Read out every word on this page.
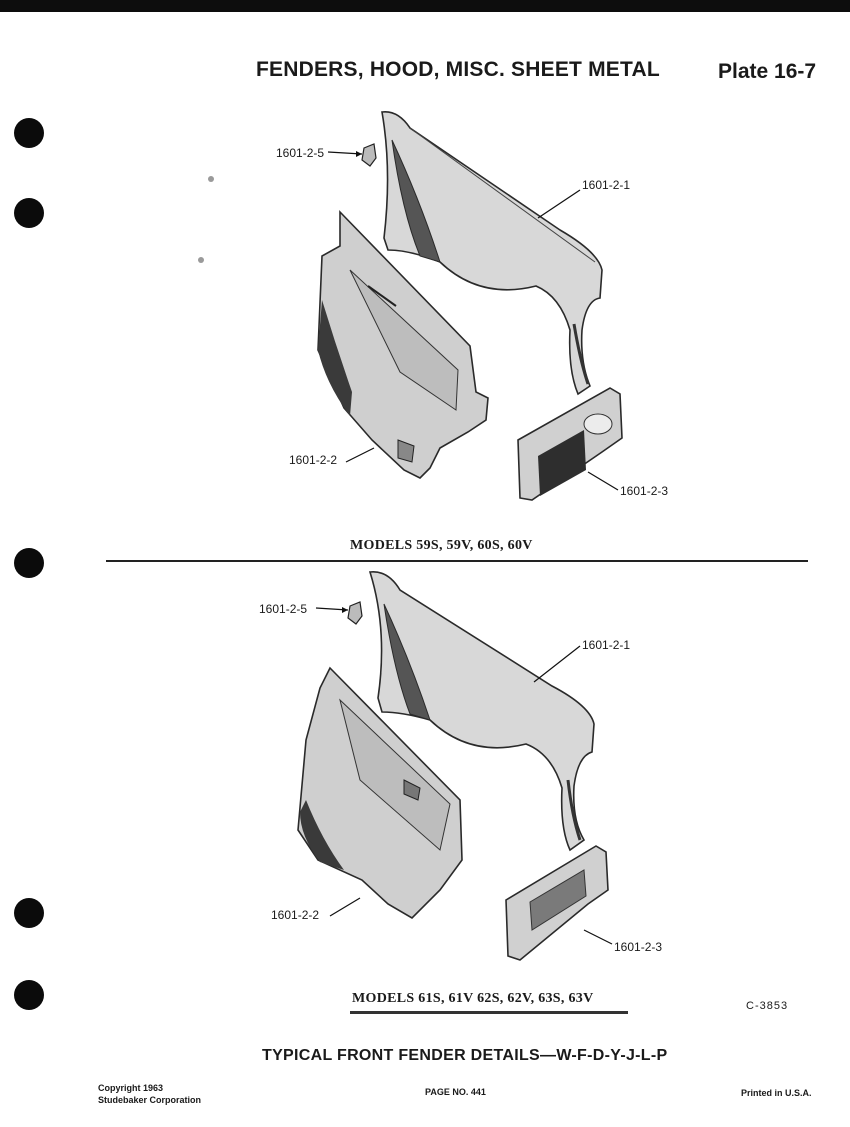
FENDERS, HOOD, MISC. SHEET METAL	Plate 16-7
1601-2-5
1601-2-1
1601-2-2
1601-2-3
MODELS 59S, 59V, 60S, 60V
1601-2-5
1601-2-1
1601-2-2
1601-2-3
MODELS 61S, 61V 62S, 62V, 63S, 63V	C-3853
TYPICAL FRONT FENDER DETAILS—W-F-D-Y-J-L-P
Copyright 1963
Studebaker Corporation
PAGE NO. 441	Printed in U.S.A.
